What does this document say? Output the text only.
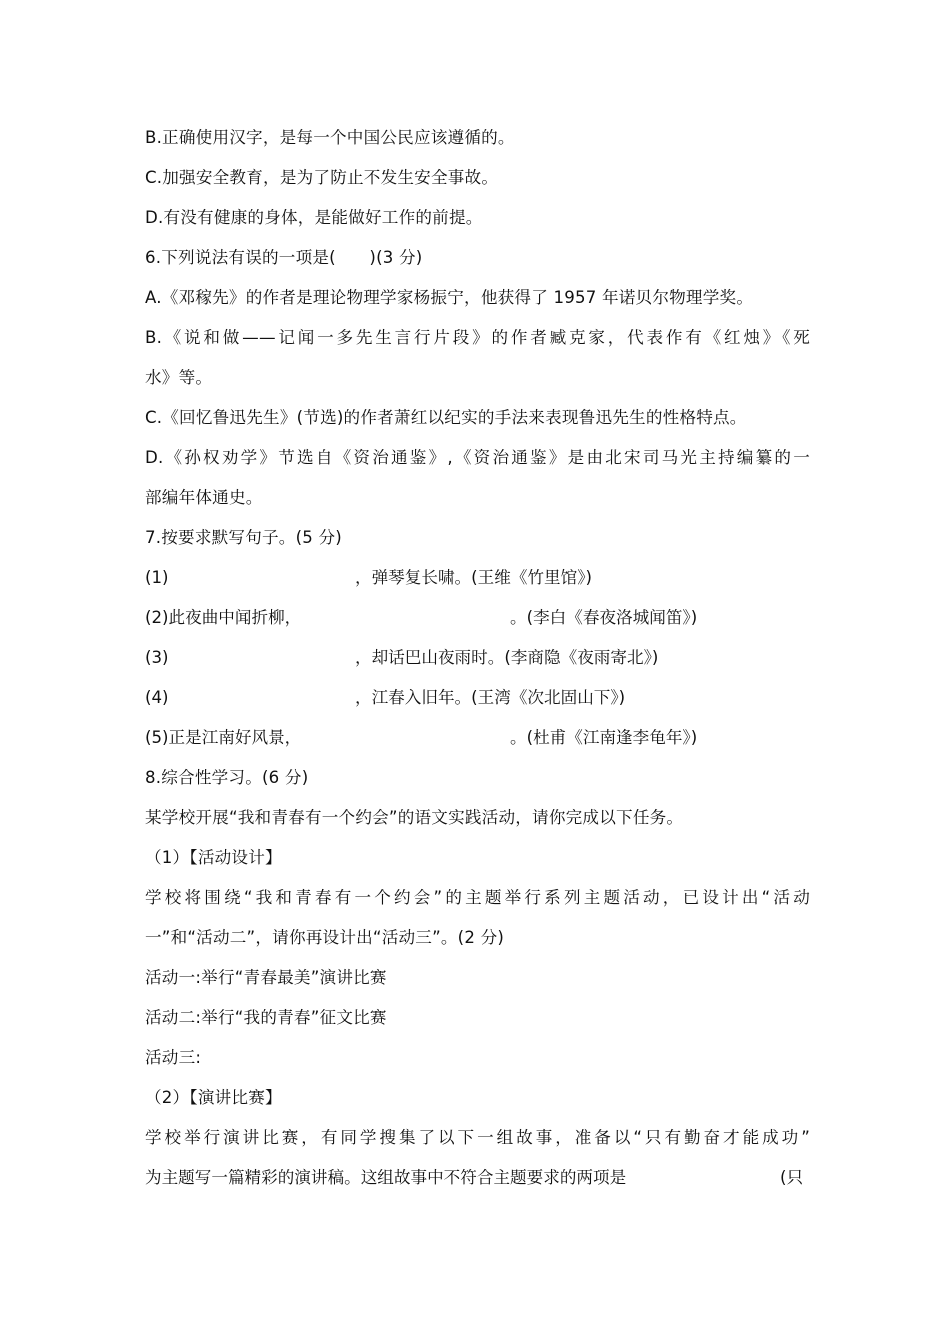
B.正确使用汉字，是每一个中国公民应该遵循的。
C.加强安全教育，是为了防止不发生安全事故。
D.有没有健康的身体，是能做好工作的前提。
6.下列说法有误的一项是(　　)(3 分)
A.《邓稼先》的作者是理论物理学家杨振宁，他获得了 1957 年诺贝尔物理学奖。
B.《说和做——记闻一多先生言行片段》的作者臧克家，代表作有《红烛》《死
水》等。
C.《回忆鲁迅先生》(节选)的作者萧红以纪实的手法来表现鲁迅先生的性格特点。
D.《孙权劝学》节选自《资治通鉴》,《资治通鉴》是由北宋司马光主持编纂的一
部编年体通史。
7.按要求默写句子。(5 分)
(1)	，弹琴复长啸。(王维《竹里馆》)
(2)此夜曲中闻折柳，	。(李白《春夜洛城闻笛》)
(3)	，却话巴山夜雨时。(李商隐《夜雨寄北》)
(4)	，江春入旧年。(王湾《次北固山下》)
(5)正是江南好风景，	。(杜甫《江南逢李龟年》)
8.综合性学习。(6 分)
某学校开展“我和青春有一个约会”的语文实践活动，请你完成以下任务。
（1）【活动设计】
学校将围绕“我和青春有一个约会”的主题举行系列主题活动，已设计出“活动
一”和“活动二”，请你再设计出“活动三”。(2 分)
活动一:举行“青春最美”演讲比赛
活动二:举行“我的青春”征文比赛
活动三:
（2）【演讲比赛】
学校举行演讲比赛，有同学搜集了以下一组故事，准备以“只有勤奋才能成功”
为主题写一篇精彩的演讲稿。这组故事中不符合主题要求的两项是	(只
